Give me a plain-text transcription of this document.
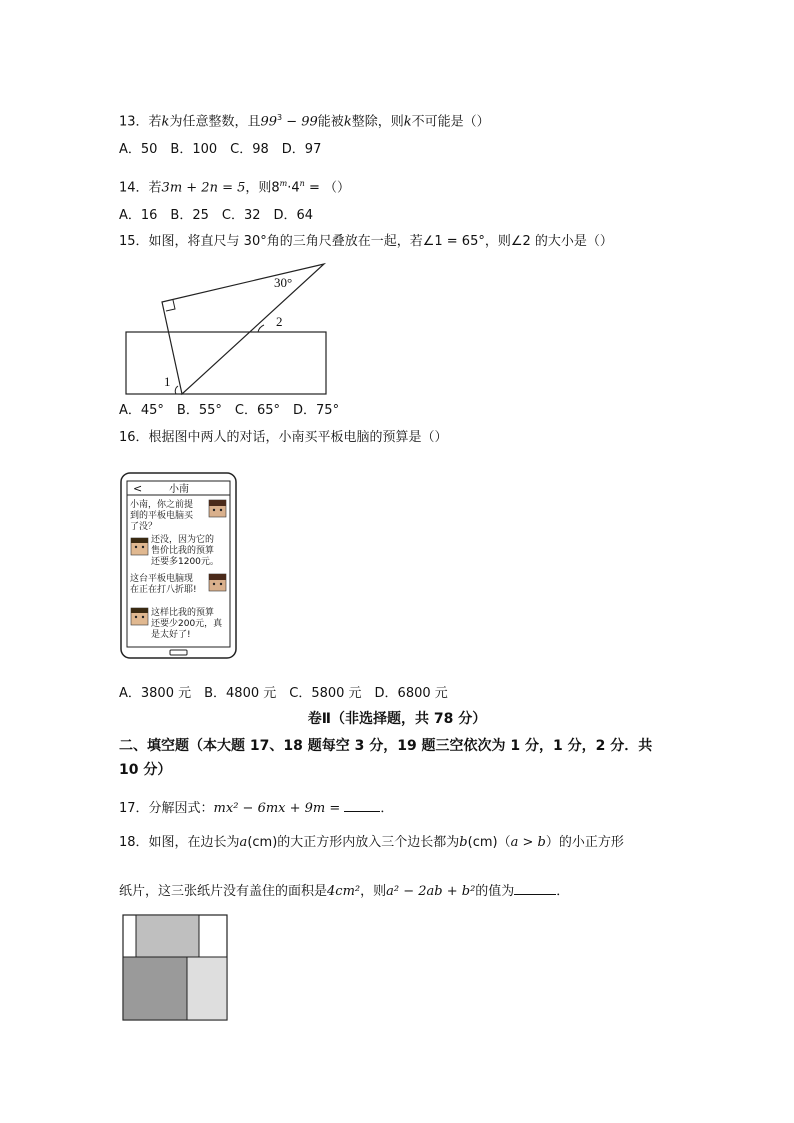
13．若k为任意整数，且$99^3 - 99$能被k整除，则k不可能是（）
A．50　B．100　C．98　D．97
14．若3m + 2n = 5，则$8^m\cdot 4^n$ = （）
A．16　B．25　C．32　D．64
15．如图，将直尺与 30°角的三角尺叠放在一起，若∠1 = 65°，则∠2 的大小是（）
30°
2
1
A．45°　B．55°　C．65°　D．75°
16．根据图中两人的对话，小南买平板电脑的预算是（）
<	小南
小南，你之前提
到的平板电脑买
了没？
还没，因为它的
售价比我的预算
还要多1200元。
这台平板电脑现
在正在打八折耶!
这样比我的预算
还要少200元，真
是太好了!
A．3800 元　B．4800 元　C．5800 元　D．6800 元
卷Ⅱ（非选择题，共 78 分）
二、填空题（本大题 17、18 题每空 3 分，19 题三空依次为 1 分，1 分，2 分．共
10 分）
17．分解因式：mx² − 6mx + 9m =	．
18．如图，在边长为a(cm)的大正方形内放入三个边长都为b(cm)（a > b）的小正方形
纸片，这三张纸片没有盖住的面积是4cm²，则a² − 2ab + b²的值为	．
